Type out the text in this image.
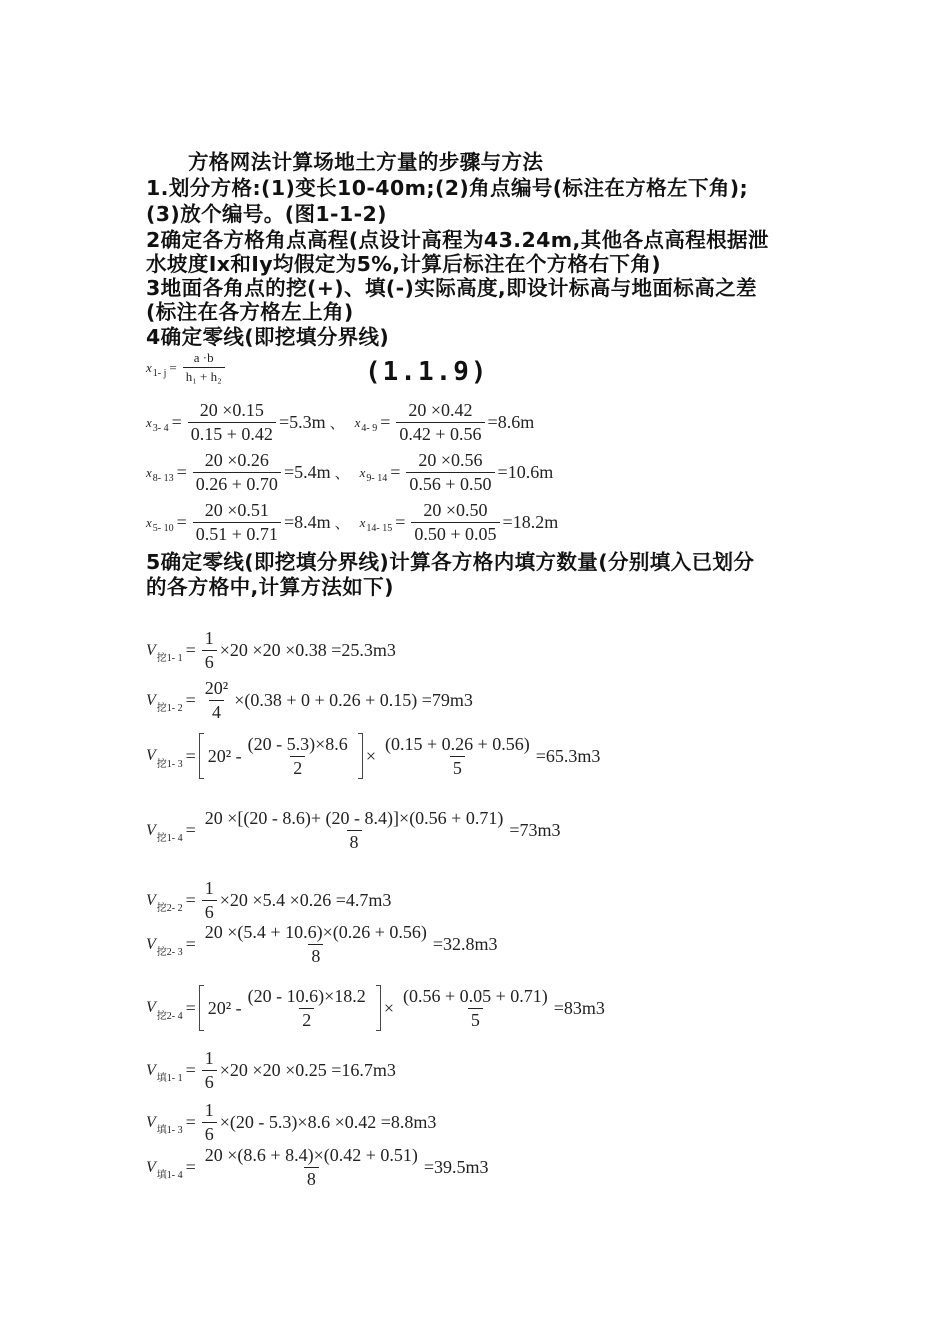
方格网法计算场地土方量的步骤与方法
1.划分方格:(1)变长10-40m;(2)角点编号(标注在方格左下角);
(3)放个编号。(图1-1-2)
2确定各方格角点高程(点设计高程为43.24m,其他各点高程根据泄
水坡度Ix和Iy均假定为5%,计算后标注在个方格右下角)
3地面各角点的挖(+)、填(-)实际高度,即设计标高与地面标高之差
(标注在各方格左上角)
4确定零线(即挖填分界线)
x 1- $j = \frac{a \cdot b}{\text{h₁ + h₂}}$	(1.1.9)
x 3- $4 = \frac{20 \times 0.15}{0.15 + 0.42} =5.3m$ 、 x 4- $9 = \frac{20 \times 0.42}{0.42 + 0.56} =8.6m$
x 8- $13 = \frac{20 \times 0.26}{0.26 + 0.70} =5.4m$ 、 x 9- $14 = \frac{20 \times 0.56}{0.56 + 0.50} =10.6m$
x 5- $10 = \frac{20 \times 0.51}{0.51 + 0.71} =8.4m$ 、 x 14- $15 = \frac{20 \times 0.50}{0.50 + 0.05} =18.2m$
5确定零线(即挖填分界线)计算各方格内填方数量(分别填入已划分
的各方格中,计算方法如下)
V 挖1- $1 = \frac{1}{6} \times 20 \times 20 \times 0.38 =25.3m3$
V 挖1- $2 = \frac{\text{20²}}{4} \times(0.38 + 0 + 0.26 + 0.15) =79m3$
V 挖1- $3 = 20^2 - \frac{(20 - 5.3)\times 8.6}{2} \times \frac{(0.15 + 0.26 + 0.56)}{5} =65.3m3$
V 挖1- $4 = \frac{20 \times[(20 - 8.6)+ (20 - 8.4)]\times(0.56 + 0.71)}{8} =73m3$
V 挖2- $2 = \frac{1}{6} \times 20 \times 5.4 \times 0.26 =4.7m3$
V 挖2- $3 = \frac{20 \times(5.4 + 10.6)\times(0.26 + 0.56)}{8} =32.8m3$
V 挖2- $4 = 20^2 - \frac{(20 - 10.6)\times 18.2}{2} \times \frac{(0.56 + 0.05 + 0.71)}{5} =83m3$
V 填1- $1 = \frac{1}{6} \times 20 \times 20 \times 0.25 =16.7m3$
V 填1- $3 = \frac{1}{6} \times(20 - 5.3)\times 8.6 \times 0.42 =8.8m3$
V 填1- $4 = \frac{20 \times(8.6 + 8.4)\times(0.42 + 0.51)}{8} =39.5m3$
